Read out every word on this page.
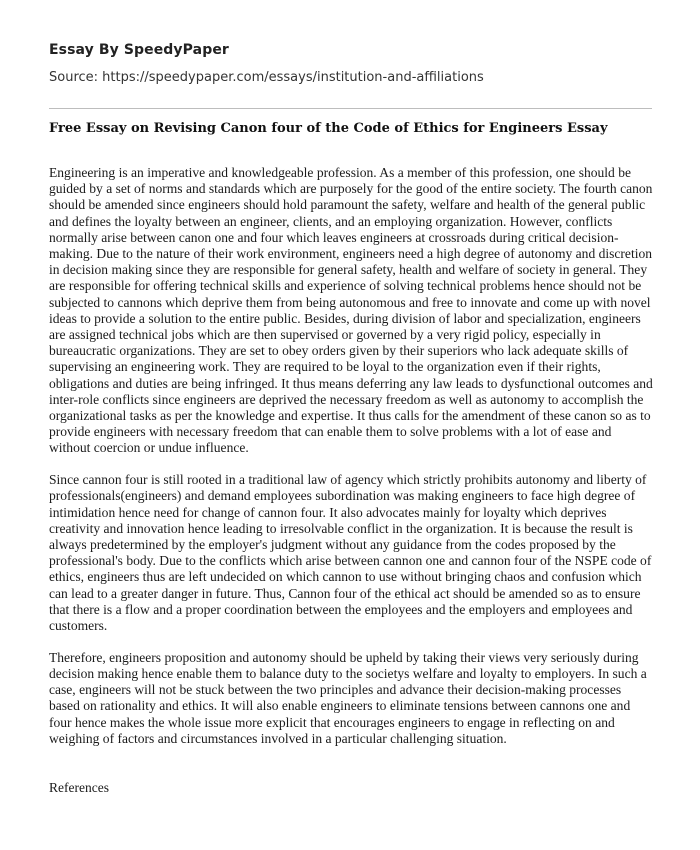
Essay By SpeedyPaper
Source: https://speedypaper.com/essays/institution-and-affiliations
Free Essay on Revising Canon four of the Code of Ethics for Engineers Essay

Engineering is an imperative and knowledgeable profession. As a member of this profession, one should be guided by a set of norms and standards which are purposely for the good of the entire society. The fourth canon should be amended since engineers should hold paramount the safety, welfare and health of the general public and defines the loyalty between an engineer, clients, and an employing organization. However, conflicts normally arise between canon one and four which leaves engineers at crossroads during critical decision-making. Due to the nature of their work environment, engineers need a high degree of autonomy and discretion in decision making since they are responsible for general safety, health and welfare of society in general. They are responsible for offering technical skills and experience of solving technical problems hence should not be subjected to cannons which deprive them from being autonomous and free to innovate and come up with novel ideas to provide a solution to the entire public. Besides, during division of labor and specialization, engineers are assigned technical jobs which are then supervised or governed by a very rigid policy, especially in bureaucratic organizations. They are set to obey orders given by their superiors who lack adequate skills of supervising an engineering work. They are required to be loyal to the organization even if their rights, obligations and duties are being infringed. It thus means deferring any law leads to dysfunctional outcomes and inter-role conflicts since engineers are deprived the necessary freedom as well as autonomy to accomplish the organizational tasks as per the knowledge and expertise. It thus calls for the amendment of these canon so as to provide engineers with necessary freedom that can enable them to solve problems with a lot of ease and without coercion or undue influence.

Since cannon four is still rooted in a traditional law of agency which strictly prohibits autonomy and liberty of professionals(engineers) and demand employees subordination was making engineers to face high degree of intimidation hence need for change of cannon four. It also advocates mainly for loyalty which deprives creativity and innovation hence leading to irresolvable conflict in the organization. It is because the result is always predetermined by the employer's judgment without any guidance from the codes proposed by the professional's body. Due to the conflicts which arise between cannon one and cannon four of the NSPE code of ethics, engineers thus are left undecided on which cannon to use without bringing chaos and confusion which can lead to a greater danger in future. Thus, Cannon four of the ethical act should be amended so as to ensure that there is a flow and a proper coordination between the employees and the employers and employees and customers.

Therefore, engineers proposition and autonomy should be upheld by taking their views very seriously during decision making hence enable them to balance duty to the societys welfare and loyalty to employers. In such a case, engineers will not be stuck between the two principles and advance their decision-making processes based on rationality and ethics. It will also enable engineers to eliminate tensions between cannons one and four hence makes the whole issue more explicit that encourages engineers to engage in reflecting on and weighing of factors and circumstances involved in a particular challenging situation.

References
